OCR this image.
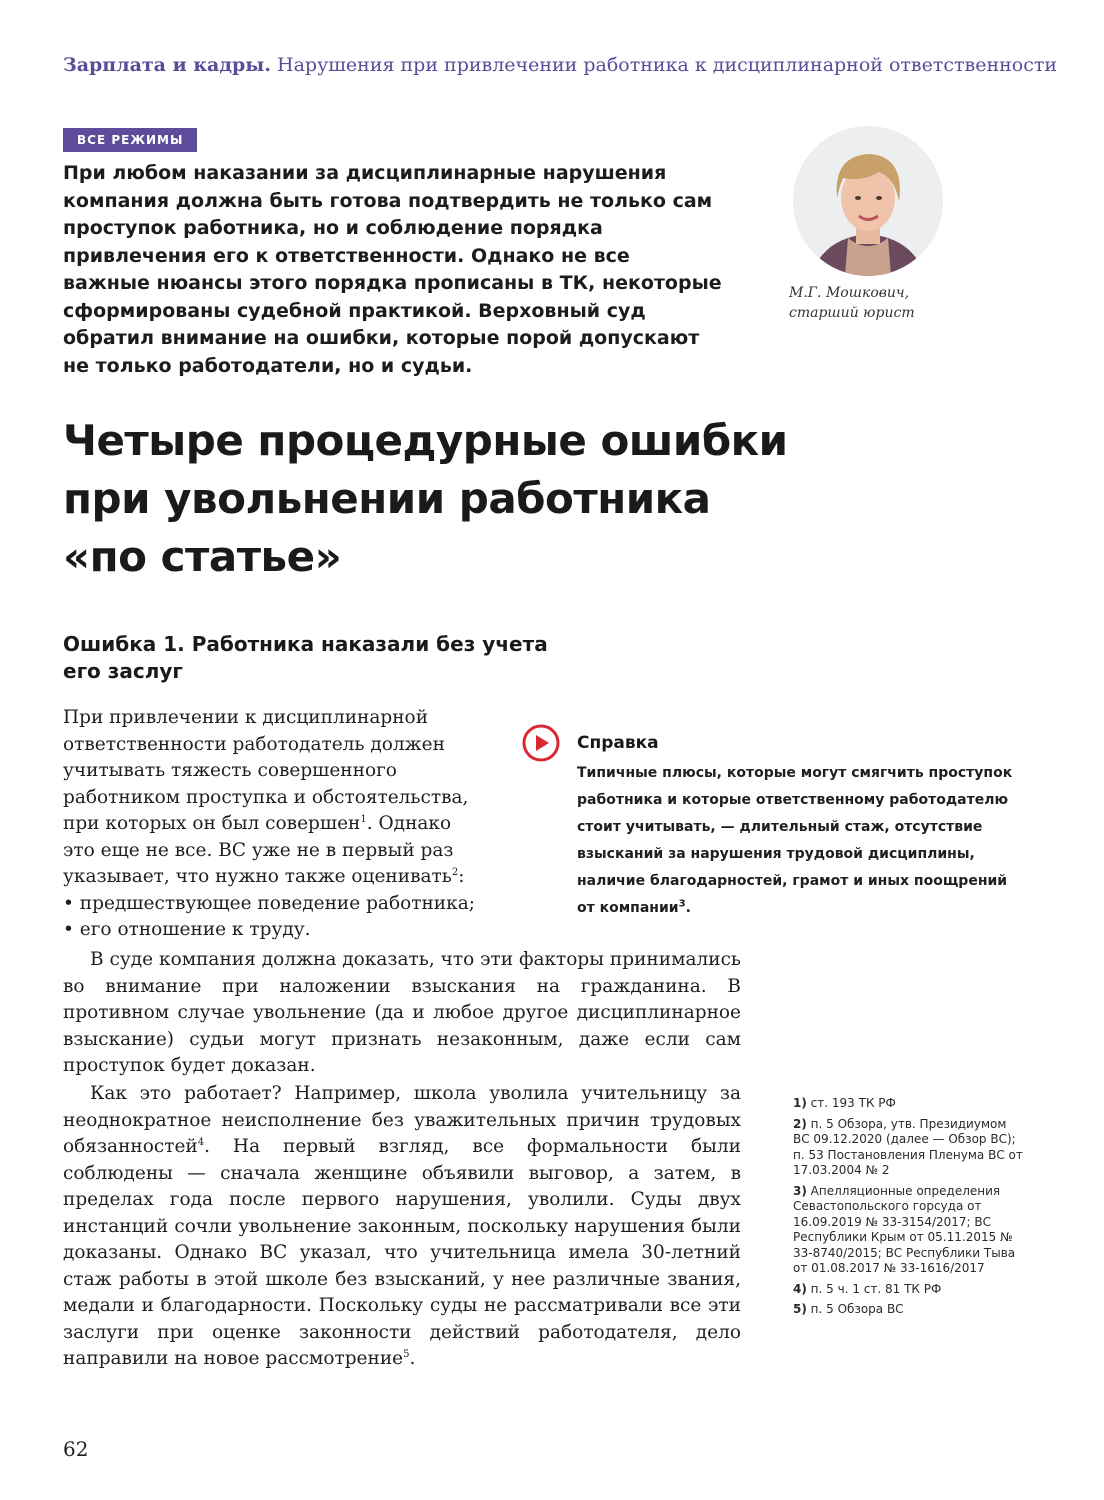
Зарплата и кадры. Нарушения при привлечении работника к дисциплинарной ответственности
ВСЕ РЕЖИМЫ
При любом наказании за дисциплинарные нарушения компания должна быть готова подтвердить не только сам проступок работника, но и соблюдение порядка привлечения его к ответственности. Однако не все важные нюансы этого порядка прописаны в ТК, некоторые сформированы судебной практикой. Верховный суд обратил внимание на ошибки, которые порой допускают не только работодатели, но и судьи.
М.Г. Мошкович,
старший юрист
Четыре процедурные ошибки
при увольнении работника
«по статье»
Ошибка 1. Работника наказали без учета
его заслуг
При привлечении к дисциплинарной ответственности работодатель должен учитывать тяжесть совершенного работником проступка и обстоятельства, при которых он был совершен$^1$. Однако это еще не все. ВС уже не в первый раз указывает, что нужно также оценивать$^2$:
• предшествующее поведение работника;
• его отношение к труду.
Справка
Типичные плюсы, которые могут смягчить проступок работника и которые ответственному работодателю стоит учитывать, — длительный стаж, отсутствие взысканий за нарушения трудовой дисциплины, наличие благодарностей, грамот и иных поощрений от компании$^3$.

В суде компания должна доказать, что эти факторы принимались во внимание при наложении взыскания на гражданина. В противном случае увольнение (да и любое другое дисциплинарное взыскание) судьи могут признать незаконным, даже если сам проступок будет доказан.

Как это работает? Например, школа уволила учительницу за неоднократное неисполнение без уважительных причин трудовых обязанностей$^4$. На первый взгляд, все формальности были соблюдены — сначала женщине объявили выговор, а затем, в пределах года после первого нарушения, уволили. Суды двух инстанций сочли увольнение законным, поскольку нарушения были доказаны. Однако ВС указал, что учительница имела 30-летний стаж работы в этой школе без взысканий, у нее различные звания, медали и благодарности. Поскольку суды не рассматривали все эти заслуги при оценке законности действий работодателя, дело направили на новое рассмотрение$^5$.

1) ст. 193 ТК РФ
2) п. 5 Обзора, утв. Президиумом ВС 09.12.2020 (далее — Обзор ВС); п. 53 Постановления Пленума ВС от 17.03.2004 № 2
3) Апелляционные определения Севастопольского горсуда от 16.09.2019 № 33-3154/2017; ВС Республики Крым от 05.11.2015 № 33-8740/2015; ВС Республики Тыва от 01.08.2017 № 33-1616/2017
4) п. 5 ч. 1 ст. 81 ТК РФ
5) п. 5 Обзора ВС
62
